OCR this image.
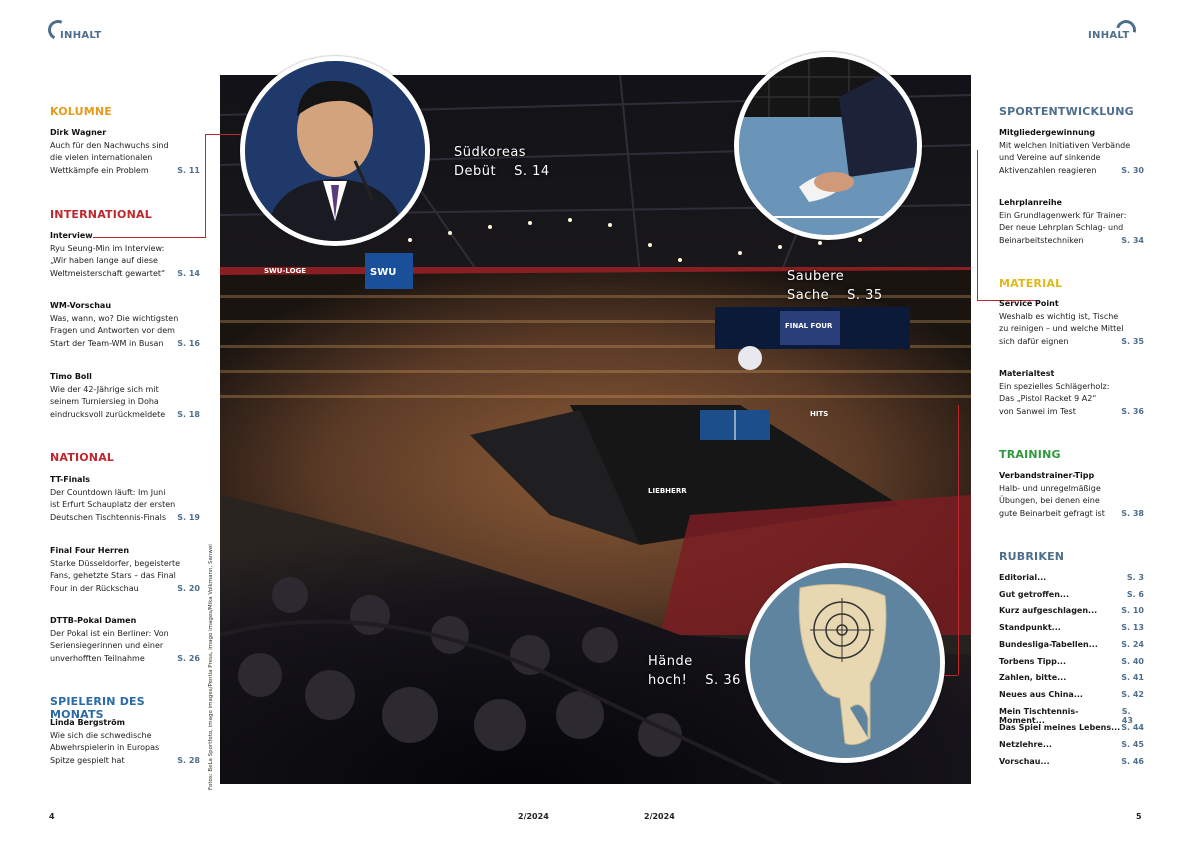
INHALT	INHALT
KOLUMNE
Dirk Wagner
Auch für den Nachwuchs sind
die vielen internationalen
Wettkämpfe ein Problem	S. 11
INTERNATIONAL
Interview
Ryu Seung-Min im Interview:
„Wir haben lange auf diese
Weltmeisterschaft gewartet“ S. 14
WM-Vorschau
Was, wann, wo? Die wichtigsten
Fragen und Antworten vor dem
Start der Team-WM in Busan S. 16
Timo Boll
Wie der 42-Jährige sich mit
seinem Turniersieg in Doha
eindrucksvoll zurückmeldete S. 18
NATIONAL
TT-Finals
Der Countdown läuft: Im Juni
ist Erfurt Schauplatz der ersten
Deutschen Tischtennis-Finals S. 19
Final Four Herren
Starke Düsseldorfer, begeisterte
Fans, gehetzte Stars – das Final
Four in der Rückschau	S. 20
DTTB-Pokal Damen
Der Pokal ist ein Berliner: Von
Seriensiegerinnen und einer
unverhofften Teilnahme	S. 26
SPIELERIN DES MONATS
Linda Bergström
Wie sich die schwedische
Abwehrspielerin in Europas
Spitze gespielt hat	S. 28 Fotos: BeLa Sportfoto, imago images/Pentia Press, imago images/Mika Volkmann, Sanwei
SWU
SWU-LOGE
FINAL FOUR
HITS
LIEBHERR
Südkoreas
Debüt S. 14
Saubere
Sache S. 35
Hände
hoch! S. 36
SPORTENTWICKLUNG
Mitgliedergewinnung
Mit welchen Initiativen Verbände
und Vereine auf sinkende
Aktivenzahlen reagieren	S. 30
Lehrplanreihe
Ein Grundlagenwerk für Trainer:
Der neue Lehrplan Schlag- und
Beinarbeitstechniken	S. 34
MATERIAL
Service Point
Weshalb es wichtig ist, Tische
zu reinigen – und welche Mittel
sich dafür eignen	S. 35
Materialtest
Ein spezielles Schlägerholz:
Das „Pistol Racket 9 A2“
von Sanwei im Test	S. 36
TRAINING
Verbandstrainer-Tipp
Halb- und unregelmäßige
Übungen, bei denen eine
gute Beinarbeit gefragt ist S. 38
RUBRIKEN
Editorial...	S. 3
Gut getroffen...	S. 6
Kurz aufgeschlagen...	S. 10
Standpunkt...	S. 13
Bundesliga-Tabellen...	S. 24
Torbens Tipp...	S. 40
Zahlen, bitte...	S. 41
Neues aus China...	S. 42
Mein Tischtennis-Moment...
S. 43
Das Spiel meines Lebens... S. 44
Netzlehre...	S. 45
Vorschau...	S. 46
4	2/2024	2/2024	5
